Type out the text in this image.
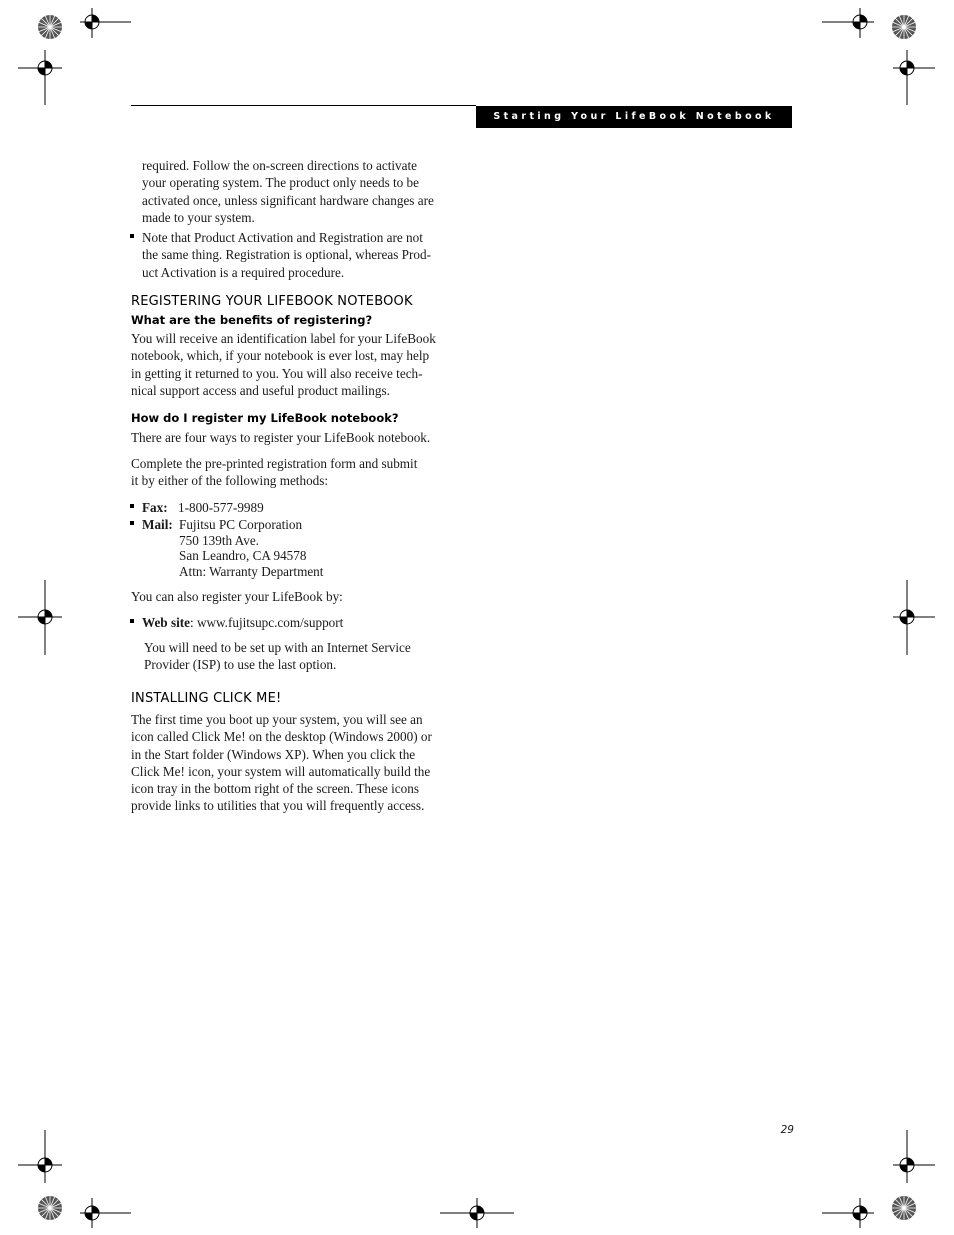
Starting Your LifeBook Notebook
required. Follow the on-screen directions to activate
your operating system. The product only needs to be
activated once, unless significant hardware changes are
made to your system.
Note that Product Activation and Registration are not
the same thing. Registration is optional, whereas Prod-
uct Activation is a required procedure.
REGISTERING YOUR LIFEBOOK NOTEBOOK
What are the benefits of registering?
You will receive an identification label for your LifeBook
notebook, which, if your notebook is ever lost, may help
in getting it returned to you. You will also receive tech-
nical support access and useful product mailings.
How do I register my LifeBook notebook?
There are four ways to register your LifeBook notebook.
Complete the pre-printed registration form and submit
it by either of the following methods:
Fax: 1-800-577-9989
Mail: Fujitsu PC Corporation
750 139th Ave.
San Leandro, CA 94578
Attn: Warranty Department
You can also register your LifeBook by:
Web site: www.fujitsupc.com/support
You will need to be set up with an Internet Service
Provider (ISP) to use the last option.
INSTALLING CLICK ME!
The first time you boot up your system, you will see an
icon called Click Me! on the desktop (Windows 2000) or
in the Start folder (Windows XP). When you click the
Click Me! icon, your system will automatically build the
icon tray in the bottom right of the screen. These icons
provide links to utilities that you will frequently access.
29
